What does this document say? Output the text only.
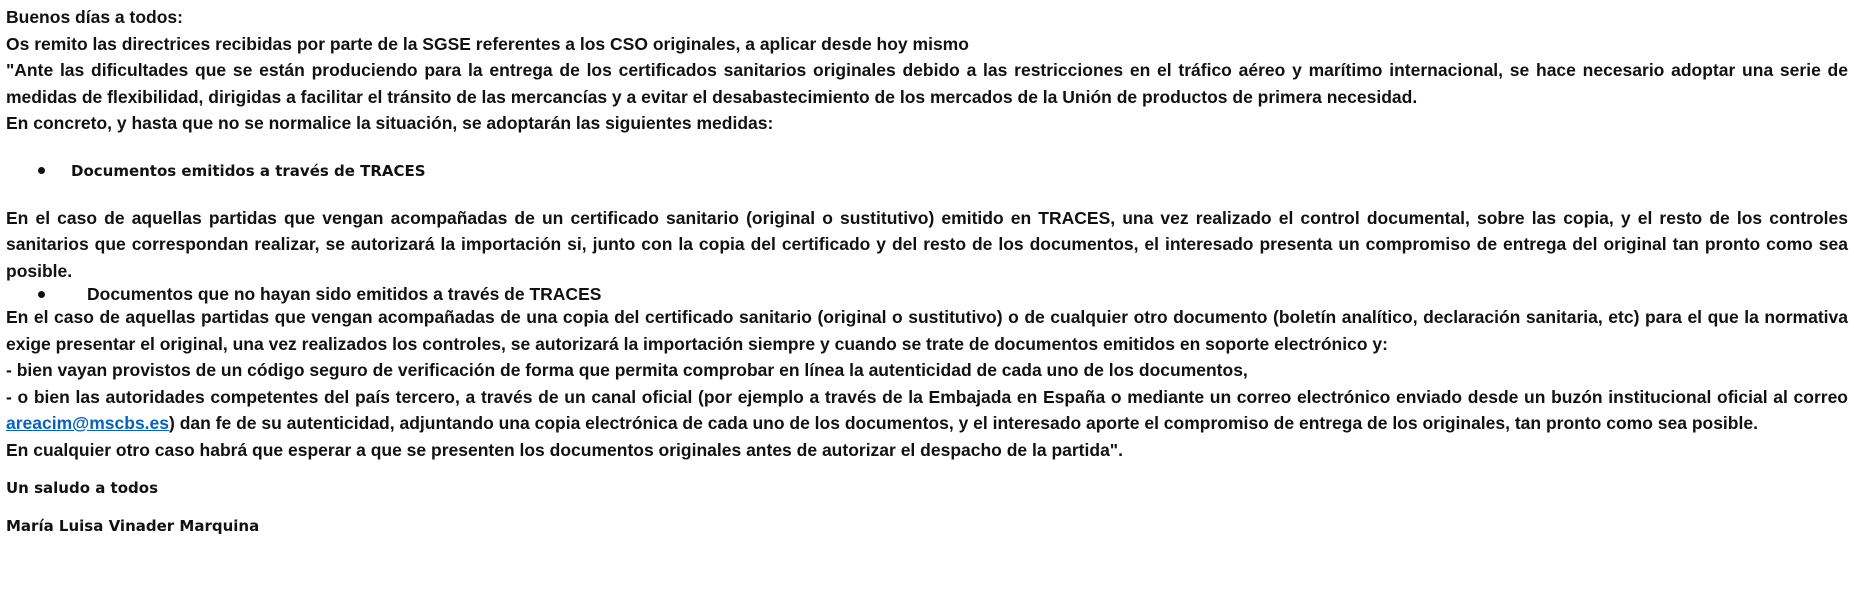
Buenos días a todos:
Os remito las directrices recibidas por parte de la SGSE referentes a los CSO originales, a aplicar desde hoy mismo
"Ante las dificultades que se están produciendo para la entrega de los certificados sanitarios originales debido a las restricciones en el tráfico aéreo y marítimo internacional, se hace necesario adoptar una serie de medidas de flexibilidad, dirigidas a facilitar el tránsito de las mercancías y a evitar el desabastecimiento de los mercados de la Unión de productos de primera necesidad.
En concreto, y hasta que no se normalice la situación, se adoptarán las siguientes medidas:
Documentos emitidos a través de TRACES
En el caso de aquellas partidas que vengan acompañadas de un certificado sanitario (original o sustitutivo) emitido en TRACES, una vez realizado el control documental, sobre las copia, y el resto de los controles sanitarios que correspondan realizar, se autorizará la importación si, junto con la copia del certificado y del resto de los documentos, el interesado presenta un compromiso de entrega del original tan pronto como sea posible.
Documentos que no hayan sido emitidos a través de TRACES
En el caso de aquellas partidas que vengan acompañadas de una copia del certificado sanitario (original o sustitutivo) o de cualquier otro documento (boletín analítico, declaración sanitaria, etc) para el que la normativa exige presentar el original, una vez realizados los controles, se autorizará la importación siempre y cuando se trate de documentos emitidos en soporte electrónico y:
- bien vayan provistos de un código seguro de verificación de forma que permita comprobar en línea la autenticidad de cada uno de los documentos,
- o bien las autoridades competentes del país tercero, a través de un canal oficial (por ejemplo a través de la Embajada en España o mediante un correo electrónico enviado desde un buzón institucional oficial al correo areacim@mscbs.es) dan fe de su autenticidad, adjuntando una copia electrónica de cada uno de los documentos, y el interesado aporte el compromiso de entrega de los originales, tan pronto como sea posible.
En cualquier otro caso habrá que esperar a que se presenten los documentos originales antes de autorizar el despacho de la partida".
Un saludo a todos
María Luisa Vinader Marquina
